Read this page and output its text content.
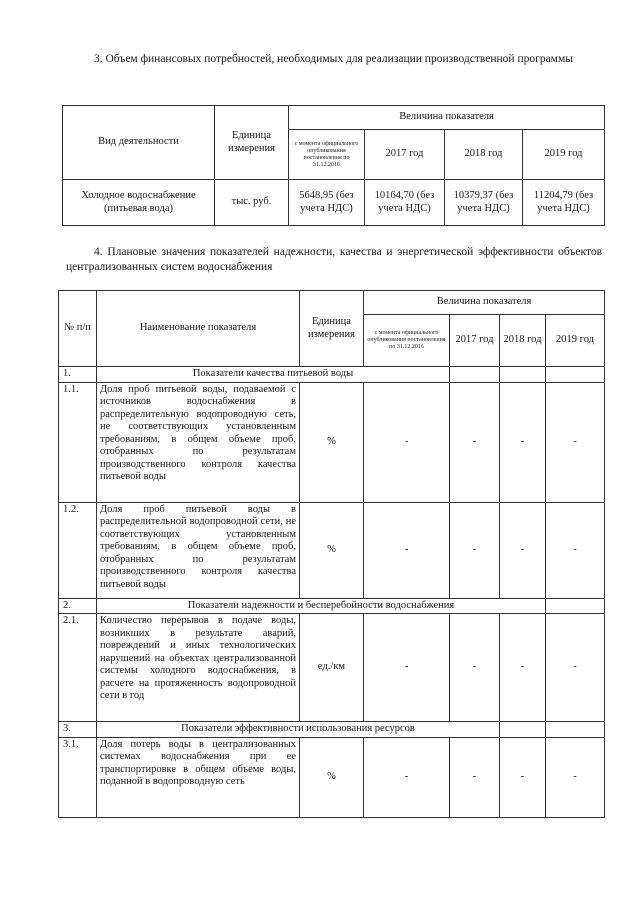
3. Объем финансовых потребностей, необходимых для реализации производственной программы

Вид деятельности	Единица измерения	Величина показателя			
		с момента официального опубликования постановления по 31.12.2016	2017 год	2018 год	2019 год
Холодное водоснабжение (питьевая вода)	тыс. руб.	5648,95 (без учета НДС)	10164,70 (без учета НДС)	10379,37 (без учета НДС)	11204,79 (без учета НДС)

4. Плановые значения показателей надежности, качества и энергетической эффективности объектов централизованных систем водоснабжения

№ п/п	Наименование показателя	Единица измерения	Величина показателя			
			с момента официального опубликования постановления по 31.12.2016	2017 год	2018 год	2019 год
1.	Показатели качества питьевой воды					
1.1.	Доля проб питьевой воды, подаваемой с источников водоснабжения в распределительную водопроводную сеть, не соответствующих установленным требованиям, в общем объеме проб, отобранных по результатам производственного контроля качества питьевой воды	%	-	-	-	-
1.2.	Доля проб питьевой воды в распределительной водопроводной сети, не соответствующих установленным требованиям, в общем объеме проб, отобранных по результатам производственного контроля качества питьевой воды	%	-	-	-	-
2.	Показатели надежности и бесперебойности водоснабжения					
2.1.	Количество перерывов в подаче воды, возникших в результате аварий, повреждений и иных технологических нарушений на объектах централизованной системы холодного водоснабжения, в расчете на протяженность водопроводной сети в год	ед./км	-	-	-	-
3.	Показатели эффективности использования ресурсов					
3.1.	Доля потерь воды в централизованных системах водоснабжения при ее транспортировке в общем объеме воды, поданной в водопроводную сеть	%	-	-	-	-
